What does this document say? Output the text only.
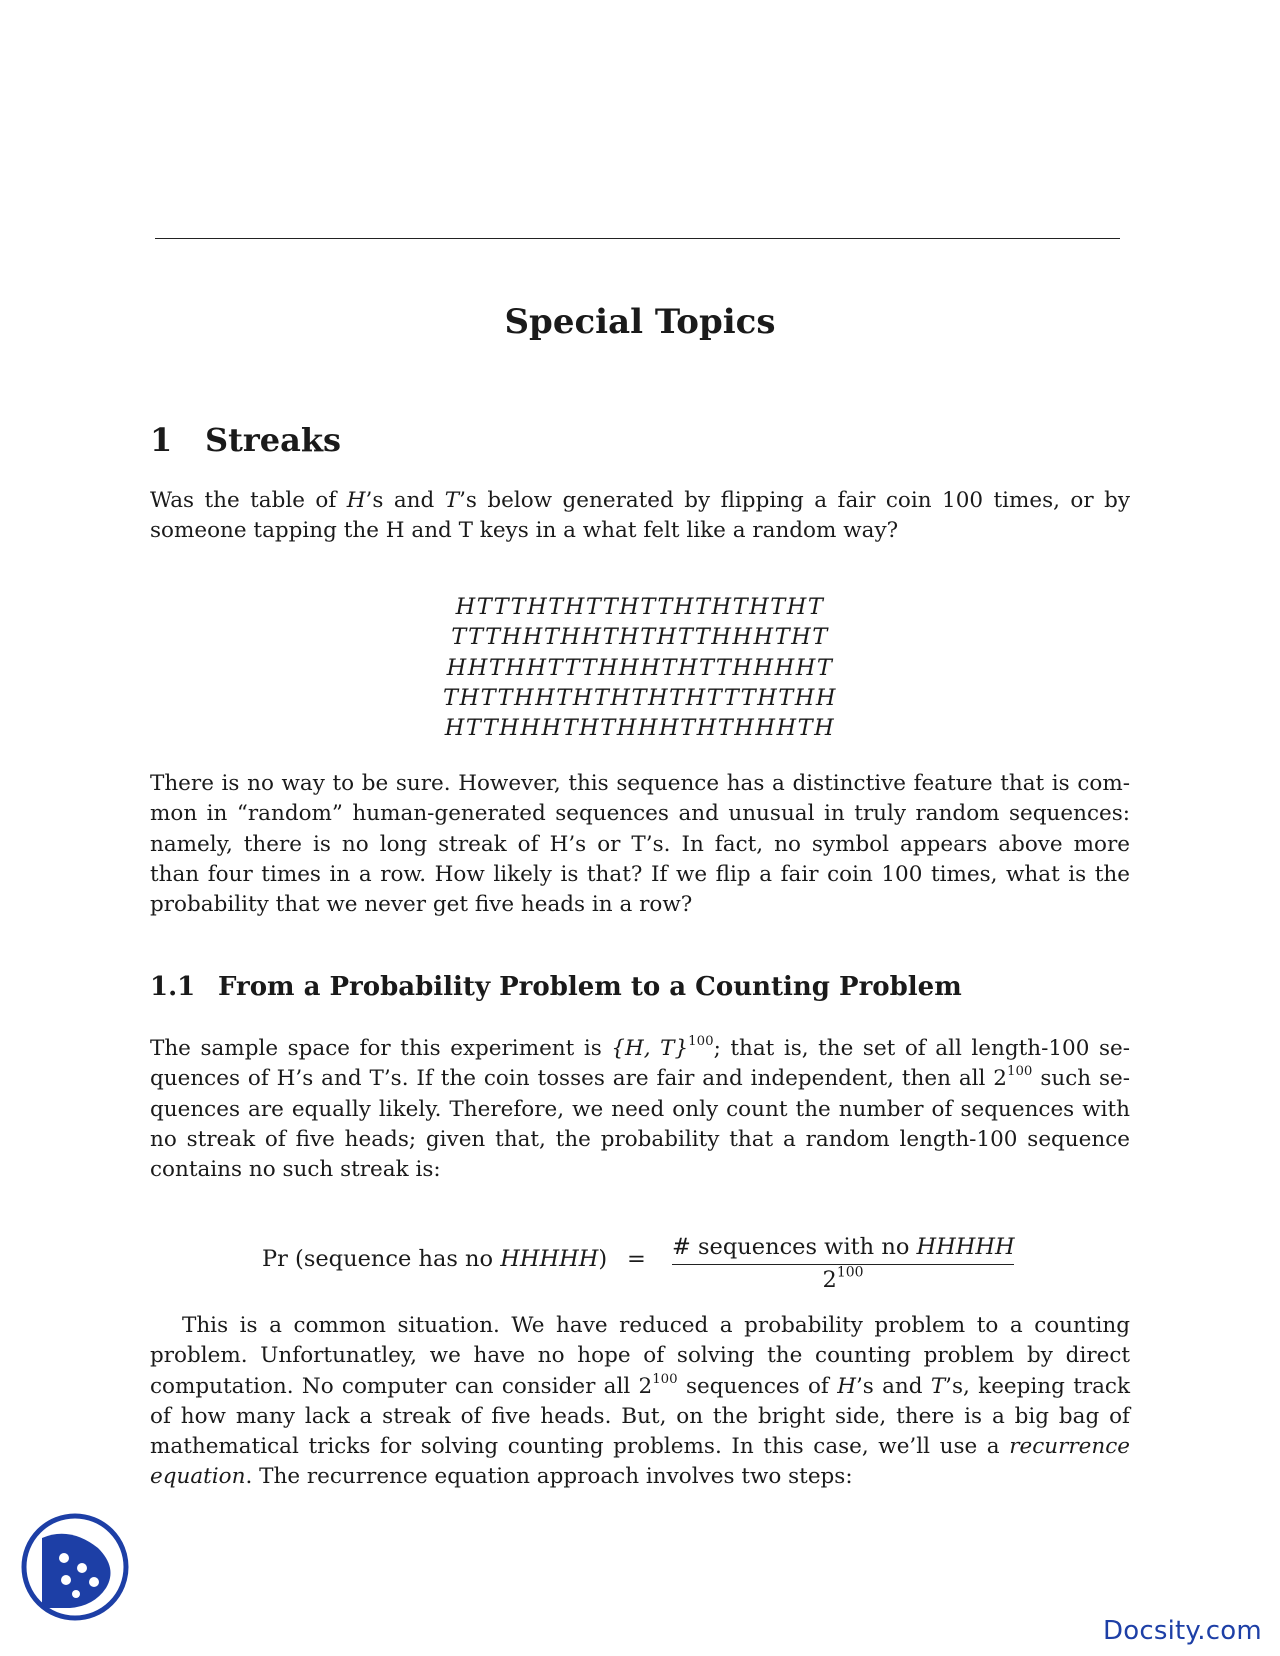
Special Topics
1 Streaks

Was the table of H’s and T’s below generated by flipping a fair coin 100 times, or by
someone tapping the H and T keys in a what felt like a random way?

HTTTHTHTTHTTHTHTHTHT
TTTHHTHHTHTHTTHHHTHT
HHTHHTTTHHHTHTTHHHHT
THTTHHTHTHTHTHTTTHTHH
HTTHHHTHTHHHTHTHHHTH

There is no way to be sure. However, this sequence has a distinctive feature that is com-
mon in “random” human-generated sequences and unusual in truly random sequences:
namely, there is no long streak of H’s or T’s. In fact, no symbol appears above more
than four times in a row. How likely is that? If we flip a fair coin 100 times, what is the
probability that we never get five heads in a row?

1.1 From a Probability Problem to a Counting Problem

The sample space for this experiment is {H, T}$^{100}$; that is, the set of all length-100 se-
quences of H’s and T’s. If the coin tosses are fair and independent, then all $2^{100}$ such se-
quences are equally likely. Therefore, we need only count the number of sequences with
no streak of five heads; given that, the probability that a random length-100 sequence
contains no such streak is:

Pr (sequence has no HHHHH) = # sequences with no HHHHH
$2^{100}$

This is a common situation. We have reduced a probability problem to a counting
problem. Unfortunatley, we have no hope of solving the counting problem by direct
computation. No computer can consider all $2^{100}$ sequences of H’s and T’s, keeping track
of how many lack a streak of five heads. But, on the bright side, there is a big bag of
mathematical tricks for solving counting problems. In this case, we’ll use a recurrence
equation. The recurrence equation approach involves two steps:

Docsity.com
